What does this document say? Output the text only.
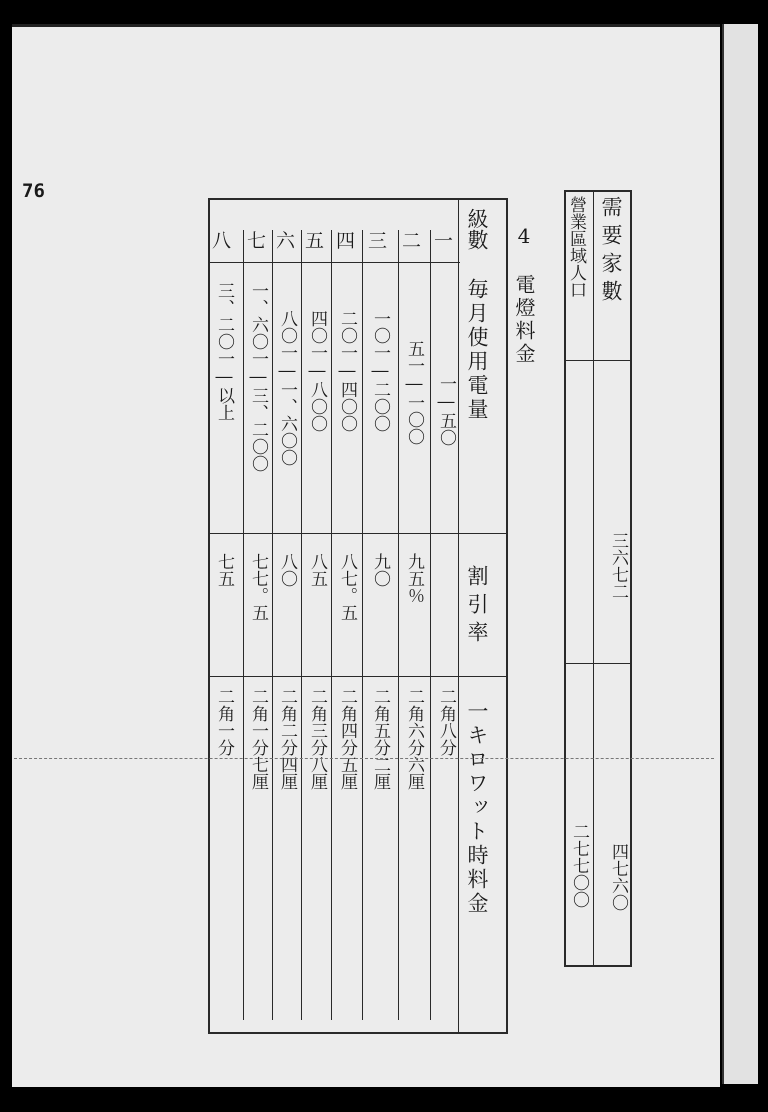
76
需要家數
營業區域人口
三六七二
四七六〇
二七七〇〇
4　電燈料金
級數
毎月使用電量
割引率
一キロワット時料金
一
二
三
四
五
六
七
八
一―五〇
五一―一〇〇
一〇一―二〇〇
二〇一―四〇〇
四〇一―八〇〇
八〇一―一、六〇〇
一、六〇一―三、二〇〇
三、二〇一―以上
九五％
九〇
八七。五
八五
八〇
七七。五
七五
二角八分
二角六分六厘
二角五分二厘
二角四分五厘
二角三分八厘
二角二分四厘
二角一分七厘
二角一分
